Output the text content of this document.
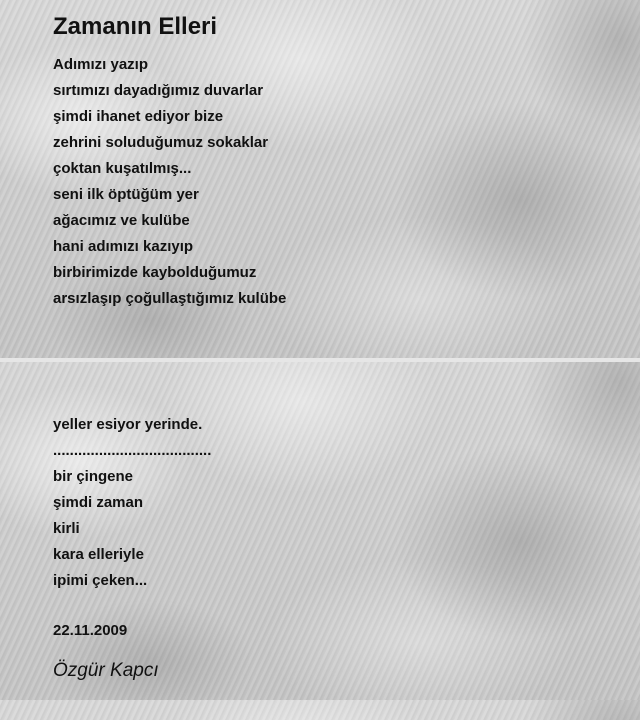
Zamanın Elleri
Adımızı yazıp
sırtımızı dayadığımız duvarlar
şimdi ihanet ediyor bize
zehrini soluduğumuz sokaklar
çoktan kuşatılmış...
seni ilk öptüğüm yer
ağacımız ve kulübe
hani adımızı kazıyıp
birbirimizde kaybolduğumuz
arsızlaşıp çoğullaştığımız kulübe
yeller esiyor yerinde.
......................................
bir çingene
şimdi zaman
kirli
kara elleriyle
ipimi çeken...
22.11.2009
Özgür Kapcı
